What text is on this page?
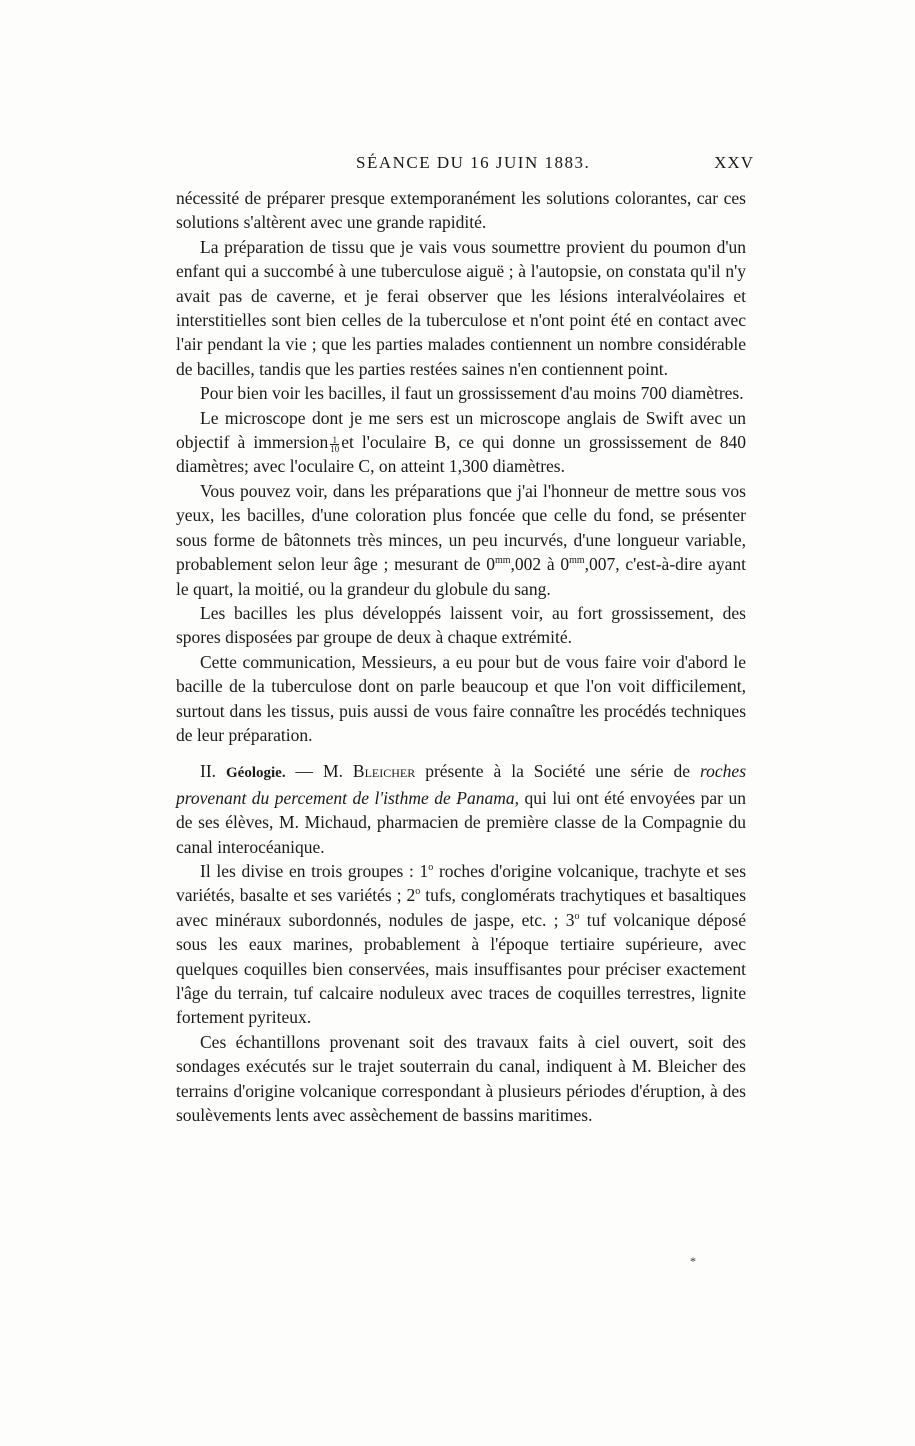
SÉANCE DU 16 JUIN 1883.	XXV

nécessité de préparer presque extemporanément les solutions colorantes, car ces solutions s'altèrent avec une grande rapidité.

La préparation de tissu que je vais vous soumettre provient du poumon d'un enfant qui a succombé à une tuberculose aiguë ; à l'autopsie, on constata qu'il n'y avait pas de caverne, et je ferai observer que les lésions interalvéolaires et interstitielles sont bien celles de la tuberculose et n'ont point été en contact avec l'air pendant la vie ; que les parties malades contiennent un nombre considérable de bacilles, tandis que les parties restées saines n'en contiennent point.

Pour bien voir les bacilles, il faut un grossissement d'au moins 700 diamètres.

Le microscope dont je me sers est un microscope anglais de Swift avec un objectif à immersion $\frac{1}{10}$ et l'oculaire B, ce qui donne un grossissement de 840 diamètres; avec l'oculaire C, on atteint 1,300 diamètres.

Vous pouvez voir, dans les préparations que j'ai l'honneur de mettre sous vos yeux, les bacilles, d'une coloration plus foncée que celle du fond, se présenter sous forme de bâtonnets très minces, un peu incurvés, d'une longueur variable, probablement selon leur âge ; mesurant de $0^{mm},002$ à $0^{mm},007$, c'est-à-dire ayant le quart, la moitié, ou la grandeur du globule du sang.

Les bacilles les plus développés laissent voir, au fort grossissement, des spores disposées par groupe de deux à chaque extrémité.

Cette communication, Messieurs, a eu pour but de vous faire voir d'abord le bacille de la tuberculose dont on parle beaucoup et que l'on voit difficilement, surtout dans les tissus, puis aussi de vous faire connaître les procédés techniques de leur préparation.

II. Géologie. — M. Bleicher présente à la Société une série de roches provenant du percement de l'isthme de Panama, qui lui ont été envoyées par un de ses élèves, M. Michaud, pharmacien de première classe de la Compagnie du canal interocéanique.

Il les divise en trois groupes : 1$^o$ roches d'origine volcanique, trachyte et ses variétés, basalte et ses variétés ; 2$^o$ tufs, conglomérats trachytiques et basaltiques avec minéraux subordonnés, nodules de jaspe, etc. ; 3$^o$ tuf volcanique déposé sous les eaux marines, probablement à l'époque tertiaire supérieure, avec quelques coquilles bien conservées, mais insuffisantes pour préciser exactement l'âge du terrain, tuf calcaire noduleux avec traces de coquilles terrestres, lignite fortement pyriteux.

Ces échantillons provenant soit des travaux faits à ciel ouvert, soit des sondages exécutés sur le trajet souterrain du canal, indiquent à M. Bleicher des terrains d'origine volcanique correspondant à plusieurs périodes d'éruption, à des soulèvements lents avec assèchement de bassins maritimes.

*
